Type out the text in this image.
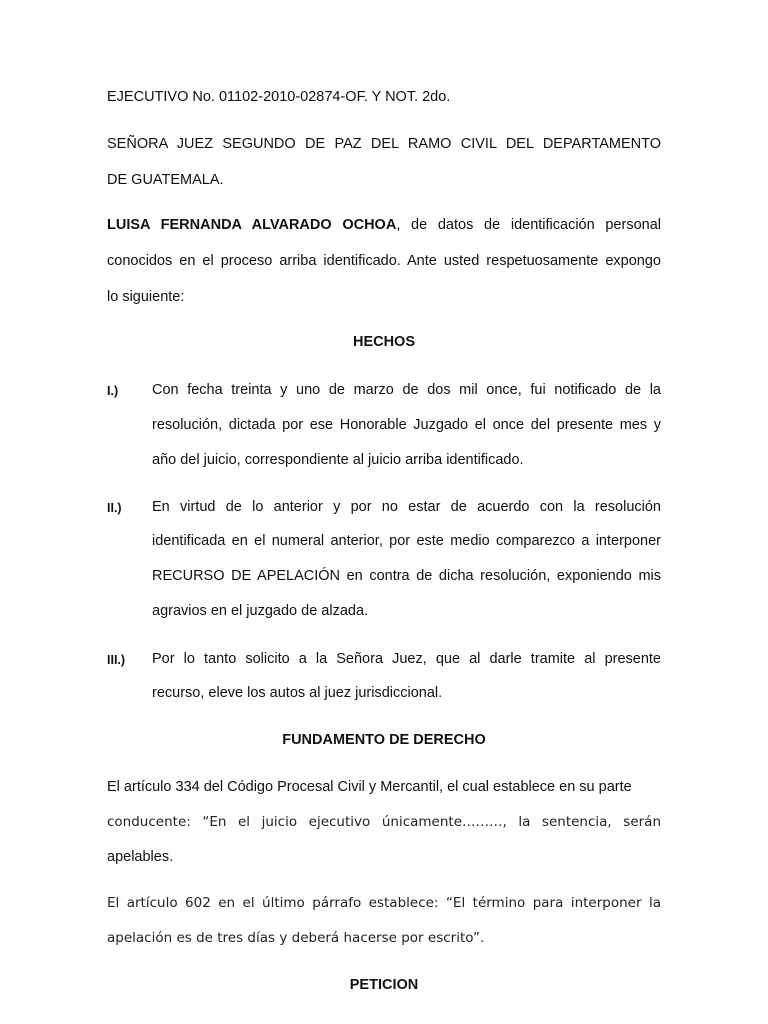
EJECUTIVO No. 01102-2010-02874-OF. Y NOT. 2do.
SEÑORA JUEZ SEGUNDO DE PAZ DEL RAMO CIVIL DEL DEPARTAMENTO
DE GUATEMALA.
LUISA FERNANDA ALVARADO OCHOA, de datos de identificación personal
conocidos en el proceso arriba identificado. Ante usted respetuosamente expongo
lo siguiente:
HECHOS
I.) Con fecha treinta y uno de marzo de dos mil once, fui notificado de la
resolución, dictada por ese Honorable Juzgado el once del presente mes y
año del juicio, correspondiente al juicio arriba identificado.
II.) En virtud de lo anterior y por no estar de acuerdo con la resolución
identificada en el numeral anterior, por este medio comparezco a interponer
RECURSO DE APELACIÓN en contra de dicha resolución, exponiendo mis
agravios en el juzgado de alzada.
III.) Por lo tanto solicito a la Señora Juez, que al darle tramite al presente
recurso, eleve los autos al juez jurisdiccional.
FUNDAMENTO DE DERECHO
El artículo 334 del Código Procesal Civil y Mercantil, el cual establece en su parte
conducente: “En el juicio ejecutivo únicamente………, la sentencia, serán
apelables.
El artículo 602 en el último párrafo establece: “El término para interponer la
apelación es de tres días y deberá hacerse por escrito”.
PETICION
